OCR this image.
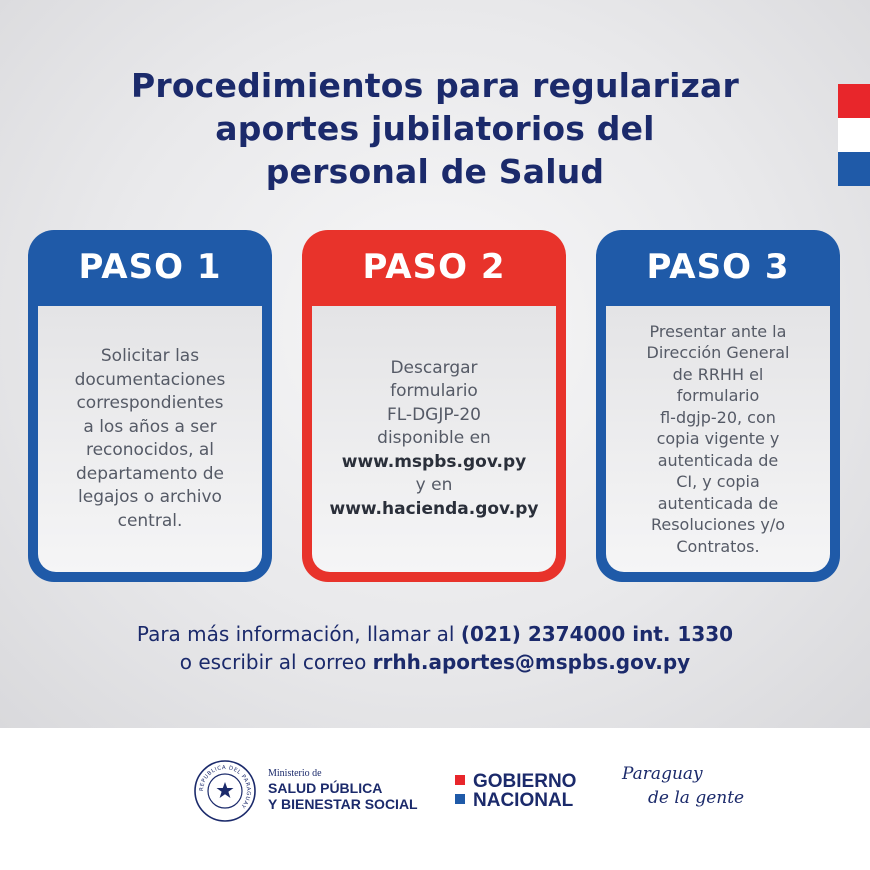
Procedimientos para regularizar
aportes jubilatorios del
personal de Salud
PASO 1
Solicitar las
documentaciones
correspondientes
a los años a ser
reconocidos, al
departamento de
legajos o archivo
central.
PASO 2
Descargar
formulario
FL-DGJP-20
disponible en
www.mspbs.gov.py
y en
www.hacienda.gov.py
PASO 3
Presentar ante la
Dirección General
de RRHH el
formulario
fl-dgjp-20, con
copia vigente y
autenticada de
CI, y copia
autenticada de
Resoluciones y/o
Contratos.
Para más información, llamar al (021) 2374000 int. 1330
o escribir al correo rrhh.aportes@mspbs.gov.py
REPUBLICA DEL PARAGUAY
Ministerio de
SALUD PÚBLICA
Y BIENESTAR SOCIAL
GOBIERNO
NACIONAL
Paraguay
de la gente
